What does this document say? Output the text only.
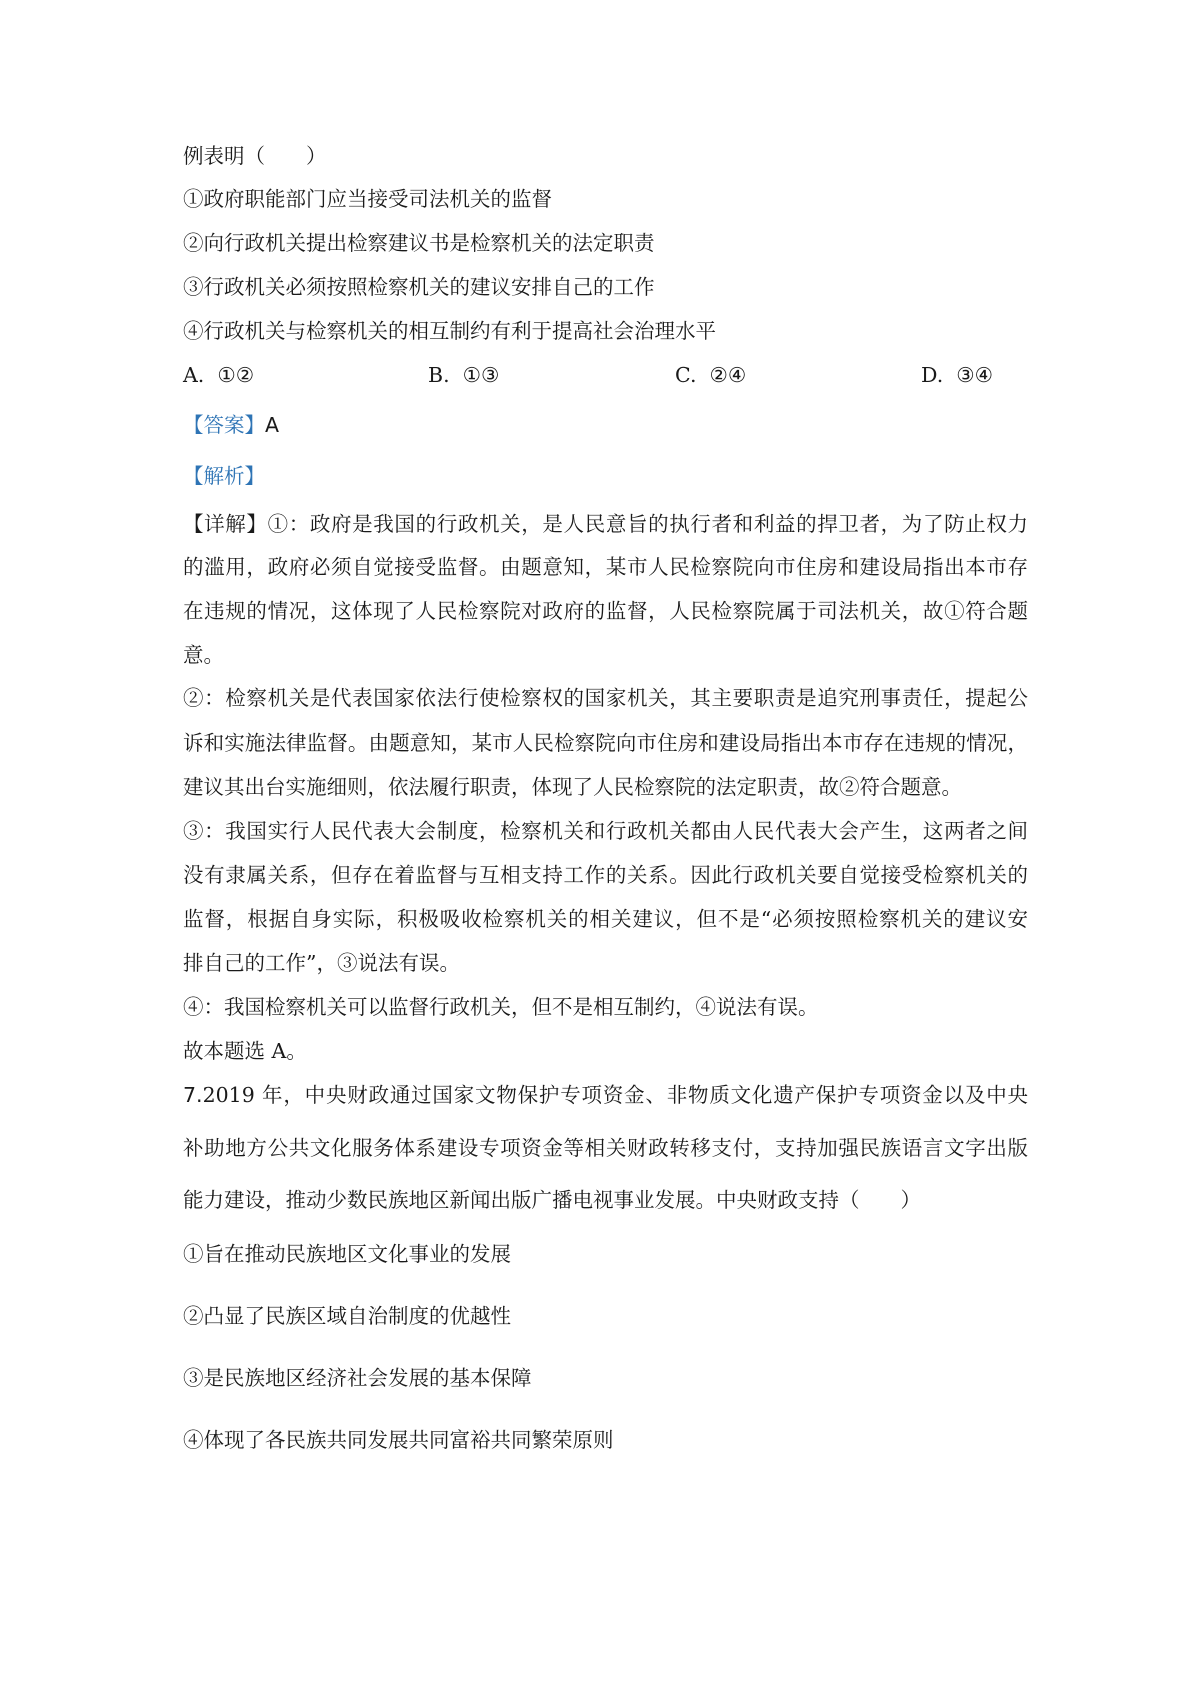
例表明（　　）
①政府职能部门应当接受司法机关的监督
②向行政机关提出检察建议书是检察机关的法定职责
③行政机关必须按照检察机关的建议安排自己的工作
④行政机关与检察机关的相互制约有利于提高社会治理水平
A. ①②	B. ①③	C. ②④	D. ③④
【答案】A
【解析】
【详解】①：政府是我国的行政机关，是人民意旨的执行者和利益的捍卫者，为了防止权力
的滥用，政府必须自觉接受监督。由题意知，某市人民检察院向市住房和建设局指出本市存
在违规的情况，这体现了人民检察院对政府的监督，人民检察院属于司法机关，故①符合题
意。
②：检察机关是代表国家依法行使检察权的国家机关，其主要职责是追究刑事责任，提起公
诉和实施法律监督。由题意知，某市人民检察院向市住房和建设局指出本市存在违规的情况，
建议其出台实施细则，依法履行职责，体现了人民检察院的法定职责，故②符合题意。
③：我国实行人民代表大会制度，检察机关和行政机关都由人民代表大会产生，这两者之间
没有隶属关系，但存在着监督与互相支持工作的关系。因此行政机关要自觉接受检察机关的
监督，根据自身实际，积极吸收检察机关的相关建议，但不是“必须按照检察机关的建议安
排自己的工作”，③说法有误。
④：我国检察机关可以监督行政机关，但不是相互制约，④说法有误。
故本题选 A。
7.2019 年，中央财政通过国家文物保护专项资金、非物质文化遗产保护专项资金以及中央
补助地方公共文化服务体系建设专项资金等相关财政转移支付，支持加强民族语言文字出版
能力建设，推动少数民族地区新闻出版广播电视事业发展。中央财政支持（　　）
①旨在推动民族地区文化事业的发展
②凸显了民族区域自治制度的优越性
③是民族地区经济社会发展的基本保障
④体现了各民族共同发展共同富裕共同繁荣原则
